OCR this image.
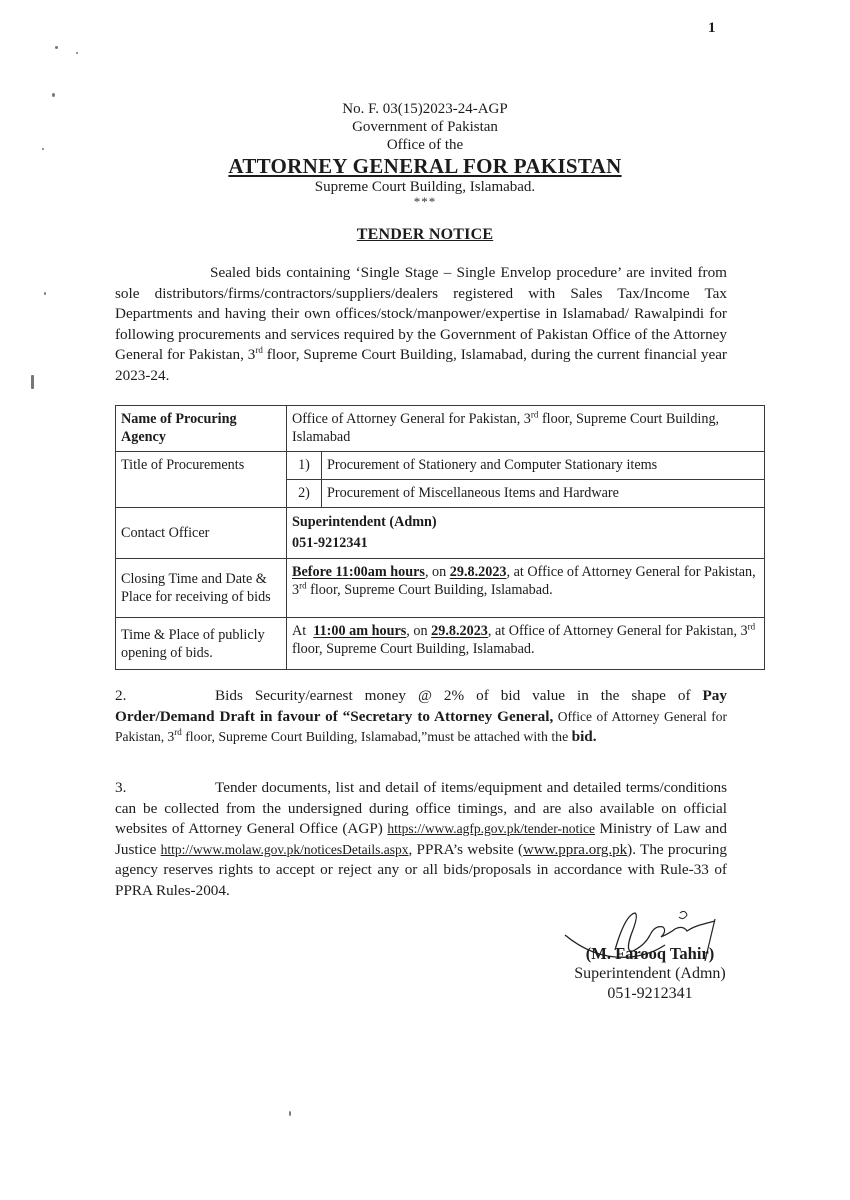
1
No. F. 03(15)2023-24-AGP
Government of Pakistan
Office of the
ATTORNEY GENERAL FOR PAKISTAN
Supreme Court Building, Islamabad.
***
TENDER NOTICE
Sealed bids containing ‘Single Stage – Single Envelop procedure’ are invited from sole distributors/firms/contractors/suppliers/dealers registered with Sales Tax/Income Tax Departments and having their own offices/stock/manpower/expertise in Islamabad/ Rawalpindi for following procurements and services required by the Government of Pakistan Office of the Attorney General for Pakistan, 3rd floor, Supreme Court Building, Islamabad, during the current financial year 2023-24.
Name of Procuring Agency	Office of Attorney General for Pakistan, 3rd floor, Supreme Court Building, Islamabad	
Title of Procurements	1)	Procurement of Stationery and Computer Stationary items
	2)	Procurement of Miscellaneous Items and Hardware
Contact Officer	Superintendent (Admn)
051-9212341	

Closing Time and Date & Place for receiving of bids	Before 11:00am hours, on 29.8.2023, at Office of Attorney General for Pakistan, 3rd floor, Supreme Court Building, Islamabad.	
Time & Place of publicly opening of bids.	At  11:00 am hours, on 29.8.2023, at Office of Attorney General for Pakistan, 3rd floor, Supreme Court Building, Islamabad.	
2.	Bids Security/earnest money @ 2% of bid value in the shape of Pay Order/Demand Draft in favour of “Secretary to Attorney General, Office of Attorney General for Pakistan, 3rd floor, Supreme Court Building, Islamabad,”must be attached with the bid.
3.	Tender documents, list and detail of items/equipment and detailed terms/conditions can be collected from the undersigned during office timings, and are also available on official websites of Attorney General Office (AGP) https://www.agfp.gov.pk/tender-notice Ministry of Law and Justice http://www.molaw.gov.pk/noticesDetails.aspx, PPRA’s website (www.ppra.org.pk). The procuring agency reserves rights to accept or reject any or all bids/proposals in accordance with Rule-33 of PPRA Rules-2004.
(M. Farooq Tahir)
Superintendent (Admn)
051-9212341
